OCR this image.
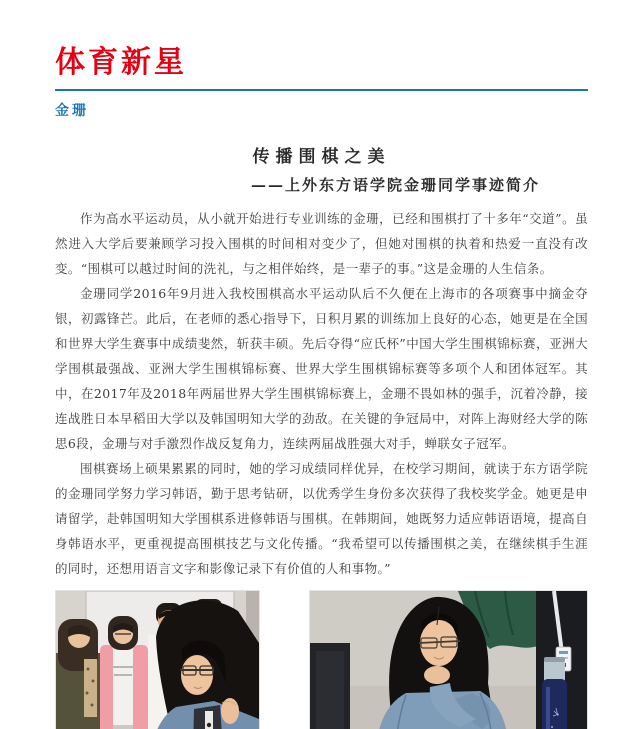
体育新星
金珊
传播围棋之美
——上外东方语学院金珊同学事迹简介

作为高水平运动员，从小就开始进行专业训练的金珊，已经和围棋打了十多年“交道”。虽然进入大学后要兼顾学习投入围棋的时间相对变少了，但她对围棋的执着和热爱一直没有改变。“围棋可以越过时间的洗礼，与之相伴始终，是一辈子的事。”这是金珊的人生信条。

金珊同学2016年9月进入我校围棋高水平运动队后不久便在上海市的各项赛事中摘金夺银，初露锋芒。此后，在老师的悉心指导下，日积月累的训练加上良好的心态，她更是在全国和世界大学生赛事中成绩斐然，斩获丰硕。先后夺得“应氏杯”中国大学生围棋锦标赛，亚洲大学围棋最强战、亚洲大学生围棋锦标赛、世界大学生围棋锦标赛等多项个人和团体冠军。其中，在2017年及2018年两届世界大学生围棋锦标赛上，金珊不畏如林的强手，沉着冷静，接连战胜日本早稻田大学以及韩国明知大学的劲敌。在关键的争冠局中，对阵上海财经大学的陈思6段，金珊与对手激烈作战反复角力，连续两届战胜强大对手，蝉联女子冠军。

围棋赛场上硕果累累的同时，她的学习成绩同样优异，在校学习期间，就读于东方语学院的金珊同学努力学习韩语，勤于思考钻研，以优秀学生身份多次获得了我校奖学金。她更是申请留学，赴韩国明知大学围棋系进修韩语与围棋。在韩期间，她既努力适应韩语语境，提高自身韩语水平，更重视提高围棋技艺与文化传播。“我希望可以传播围棋之美，在继续棋手生涯的同时，还想用语言文字和影像记录下有价值的人和事物。”
